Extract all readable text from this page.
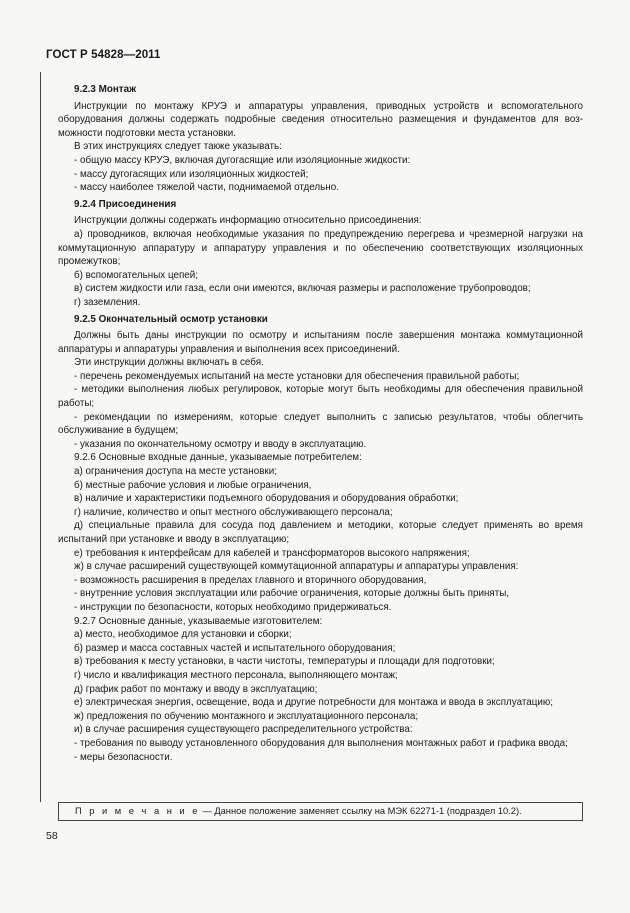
ГОСТ Р 54828—2011

9.2.3 Монтаж

Инструкции по монтажу КРУЭ и аппаратуры управления, приводных устройств и вспомогательного оборудования должны содержать подробные сведения относительно размещения и фундаментов для возможности подготовки места установки.

В этих инструкциях следует также указывать:

- общую массу КРУЭ, включая дугогасящие или изоляционные жидкости:

- массу дугогасящих или изоляционных жидкостей;

- массу наиболее тяжелой части, поднимаемой отдельно.

9.2.4 Присоединения

Инструкции должны содержать информацию относительно присоединения:

а) проводников, включая необходимые указания по предупреждению перегрева и чрезмерной нагрузки на коммутационную аппаратуру и аппаратуру управления и по обеспечению соответствующих изоляционных промежутков;

б) вспомогательных цепей;

в) систем жидкости или газа, если они имеются, включая размеры и расположение трубопроводов;

г) заземления.

9.2.5 Окончательный осмотр установки

Должны быть даны инструкции по осмотру и испытаниям после завершения монтажа коммутационной аппаратуры и аппаратуры управления и выполнения всех присоединений.

Эти инструкции должны включать в себя.

- перечень рекомендуемых испытаний на месте установки для обеспечения правильной работы;

- методики выполнения любых регулировок, которые могут быть необходимы для обеспечения правильной работы;

- рекомендации по измерениям, которые следует выполнить с записью результатов, чтобы облегчить обслуживание в будущем;

- указания по окончательному осмотру и вводу в эксплуатацию.

9.2.6 Основные входные данные, указываемые потребителем:

а) ограничения доступа на месте установки;

б) местные рабочие условия и любые ограничения,

в) наличие и характеристики подъемного оборудования и оборудования обработки;

г) наличие, количество и опыт местного обслуживающего персонала;

д) специальные правила для сосуда под давлением и методики, которые следует применять во время испытаний при установке и вводу в эксплуатацию;

е) требования к интерфейсам для кабелей и трансформаторов высокого напряжения;

ж) в случае расширений существующей коммутационной аппаратуры и аппаратуры управления:

- возможность расширения в пределах главного и вторичного оборудования,

- внутренние условия эксплуатации или рабочие ограничения, которые должны быть приняты,

- инструкции по безопасности, которых необходимо придерживаться.

9.2.7 Основные данные, указываемые изготовителем:

а) место, необходимое для установки и сборки;

б) размер и масса составных частей и испытательного оборудования;

в) требования к месту установки, в части чистоты, температуры и площади для подготовки;

г) число и квалификация местного персонала, выполняющего монтаж;

д) график работ по монтажу и вводу в эксплуатацию;

е) электрическая энергия, освещение, вода и другие потребности для монтажа и ввода в эксплуатацию;

ж) предложения по обучению монтажного и эксплуатационного персонала;

и) в случае расширения существующего распределительного устройства:

- требования по выводу установленного оборудования для выполнения монтажных работ и графика ввода;

- меры безопасности.

П р и м е ч а н и е — Данное положение заменяет ссылку на МЭК 62271-1 (подраздел 10.2).
58
